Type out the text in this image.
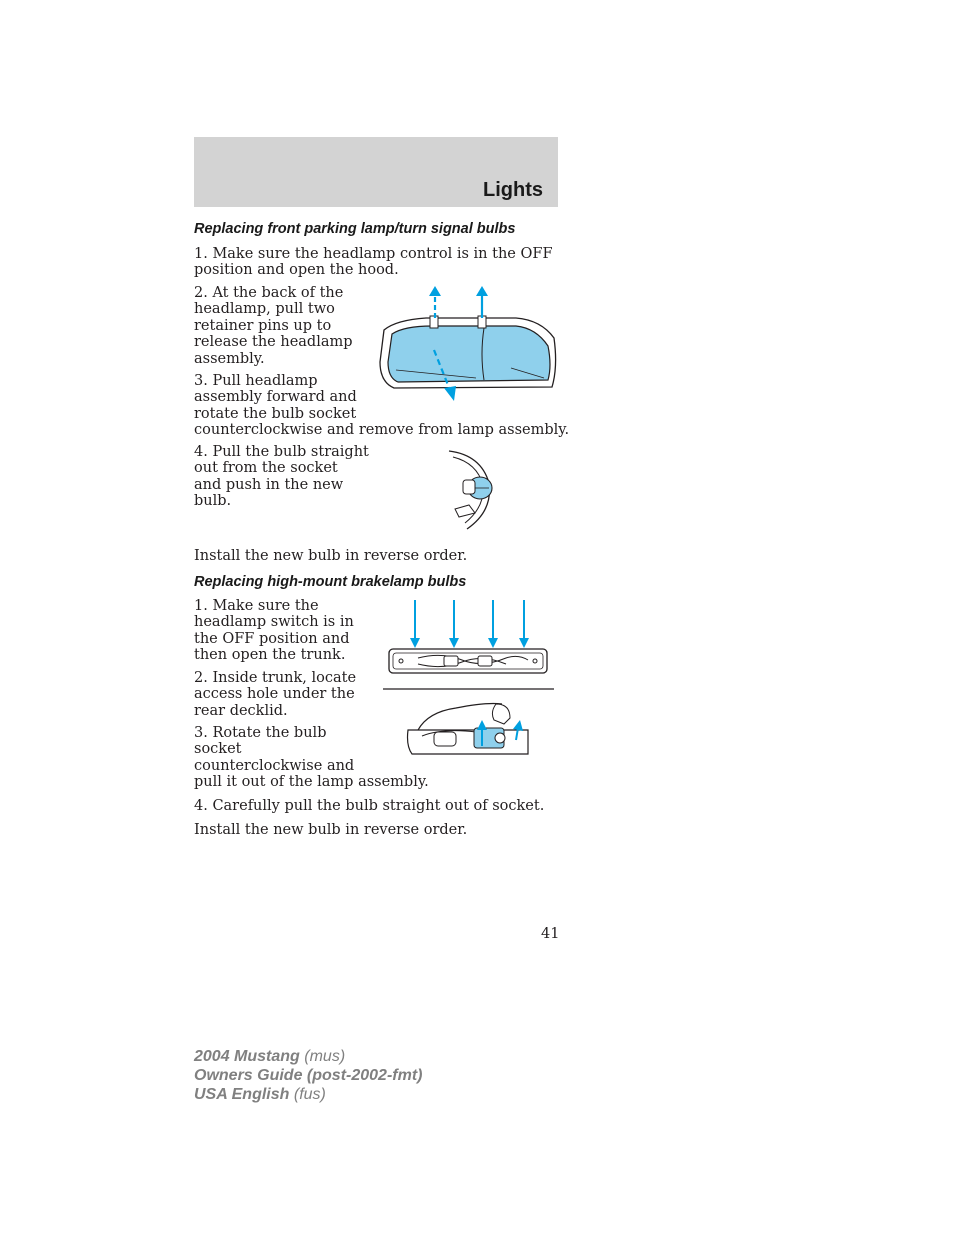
Lights
Replacing front parking lamp/turn signal bulbs

1. Make sure the headlamp control is in the OFF
position and open the hood.

2. At the back of the
headlamp, pull two
retainer pins up to
release the headlamp
assembly.

3. Pull headlamp
assembly forward and
rotate the bulb socket
counterclockwise and remove from lamp assembly.

4. Pull the bulb straight
out from the socket
and push in the new
bulb.

Install the new bulb in reverse order.

Replacing high-mount brakelamp bulbs

1. Make sure the
headlamp switch is in
the OFF position and
then open the trunk.

2. Inside trunk, locate
access hole under the
rear decklid.

3. Rotate the bulb
socket
counterclockwise and
pull it out of the lamp assembly.

4. Carefully pull the bulb straight out of socket.

Install the new bulb in reverse order.

41
2004 Mustang (mus)
Owners Guide (post-2002-fmt)
USA English (fus)
